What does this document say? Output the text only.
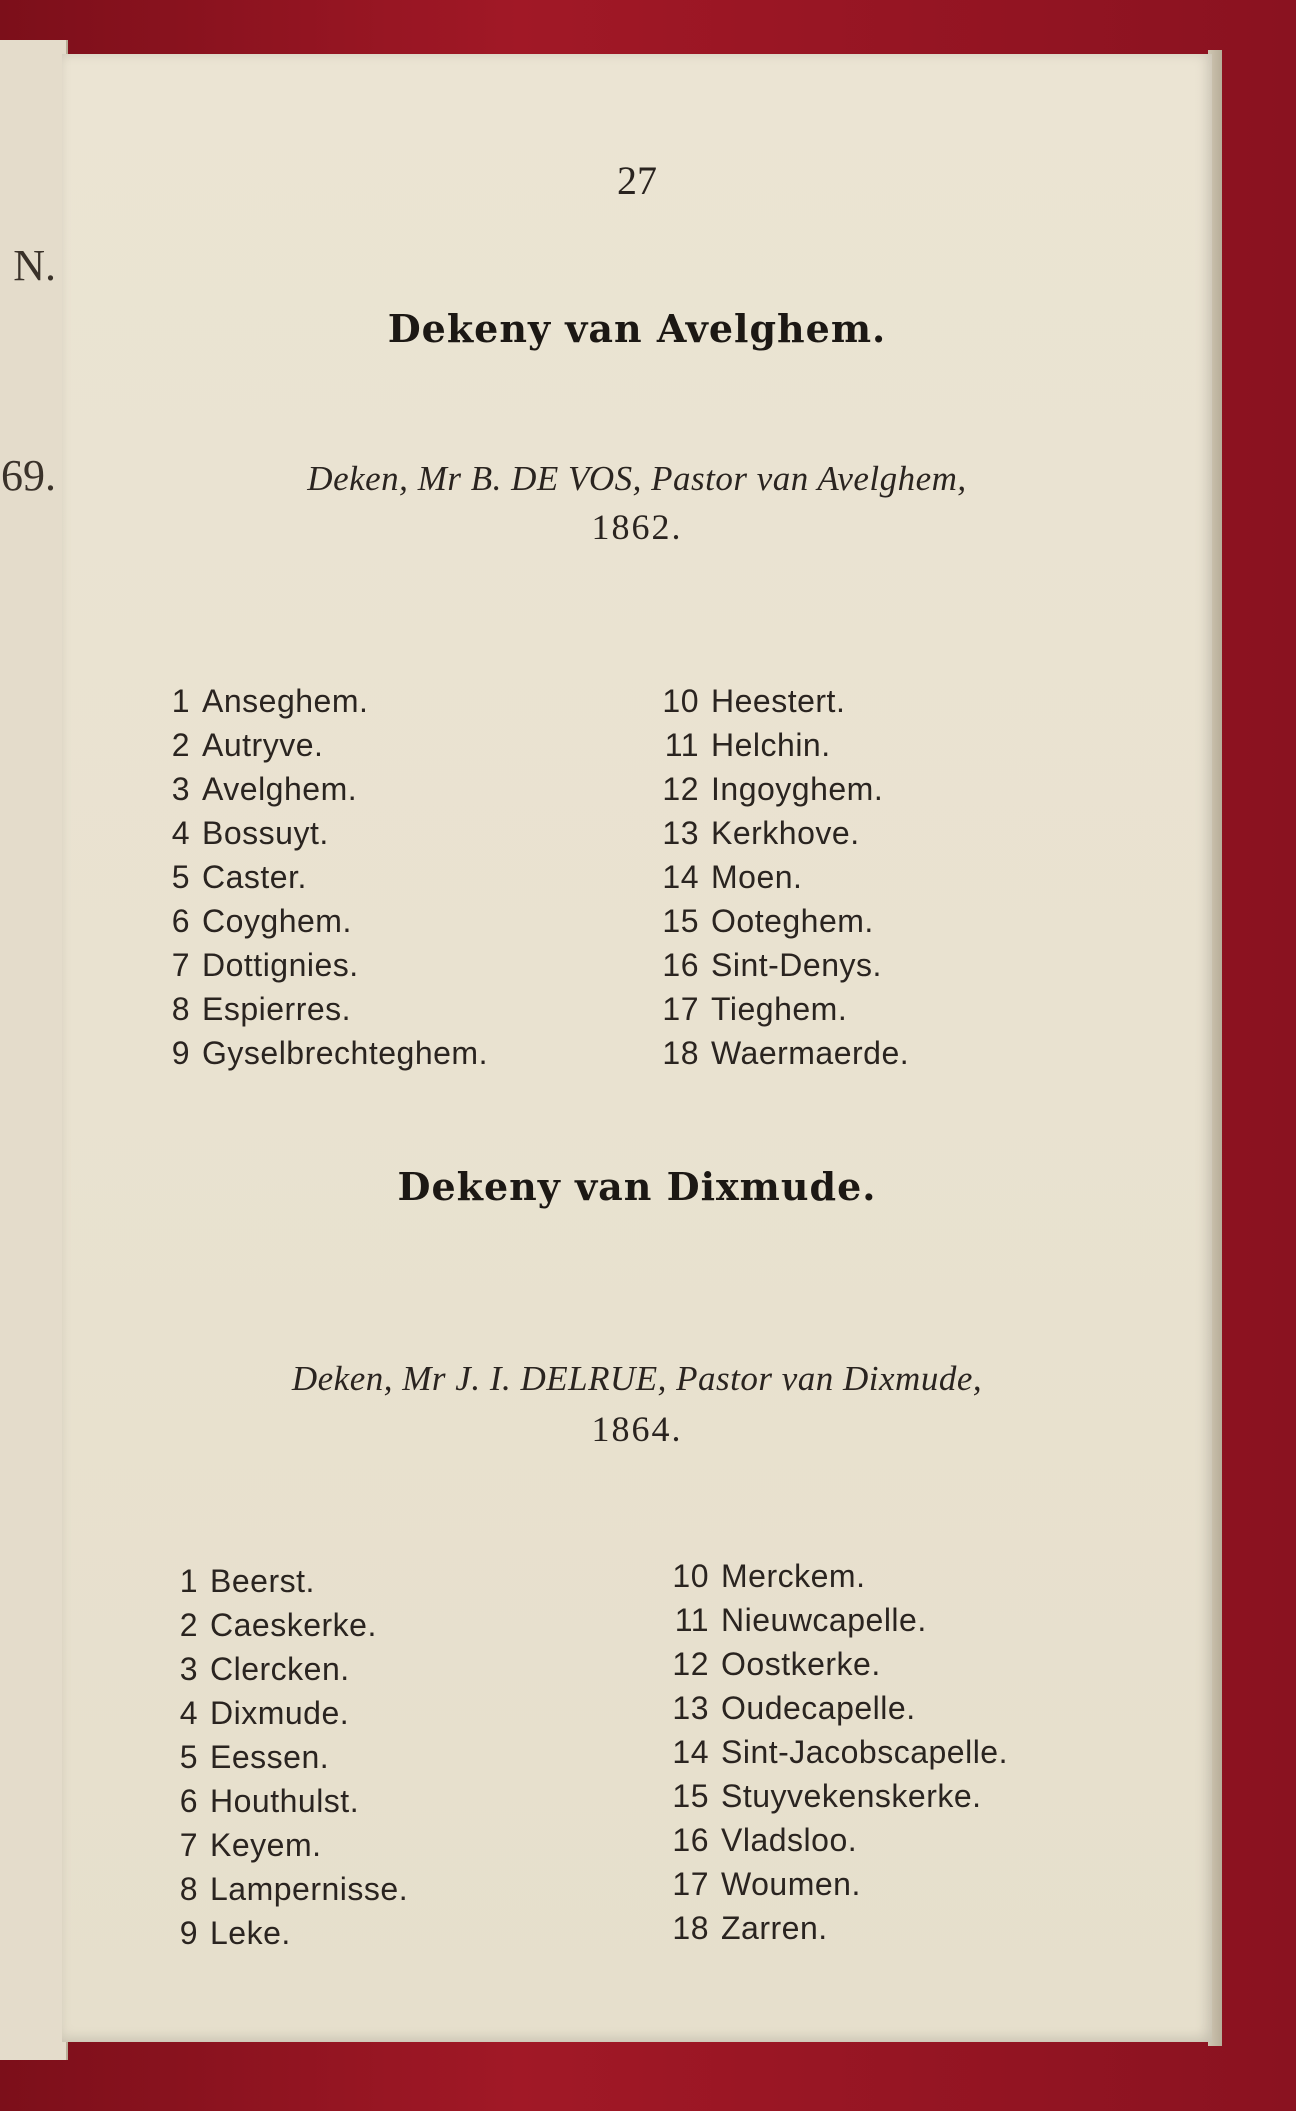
N.
69.
27
Dekeny van Avelghem.
Deken, Mr B. DE VOS, Pastor van Avelghem,
1862.
1 Anseghem.
2 Autryve.
3 Avelghem.
4 Bossuyt.
5 Caster.
6 Coyghem.
7 Dottignies.
8 Espierres.
9 Gyselbrechteghem.
10 Heestert.
11 Helchin.
12 Ingoyghem.
13 Kerkhove.
14 Moen.
15 Ooteghem.
16 Sint-Denys.
17 Tieghem.
18 Waermaerde.
Dekeny van Dixmude.
Deken, Mr J. I. DELRUE, Pastor van Dixmude,
1864.
1 Beerst.
2 Caeskerke.
3 Clercken.
4 Dixmude.
5 Eessen.
6 Houthulst.
7 Keyem.
8 Lampernisse.
9 Leke.
10 Merckem.
11 Nieuwcapelle.
12 Oostkerke.
13 Oudecapelle.
14 Sint-Jacobscapelle.
15 Stuyvekenskerke.
16 Vladsloo.
17 Woumen.
18 Zarren.
